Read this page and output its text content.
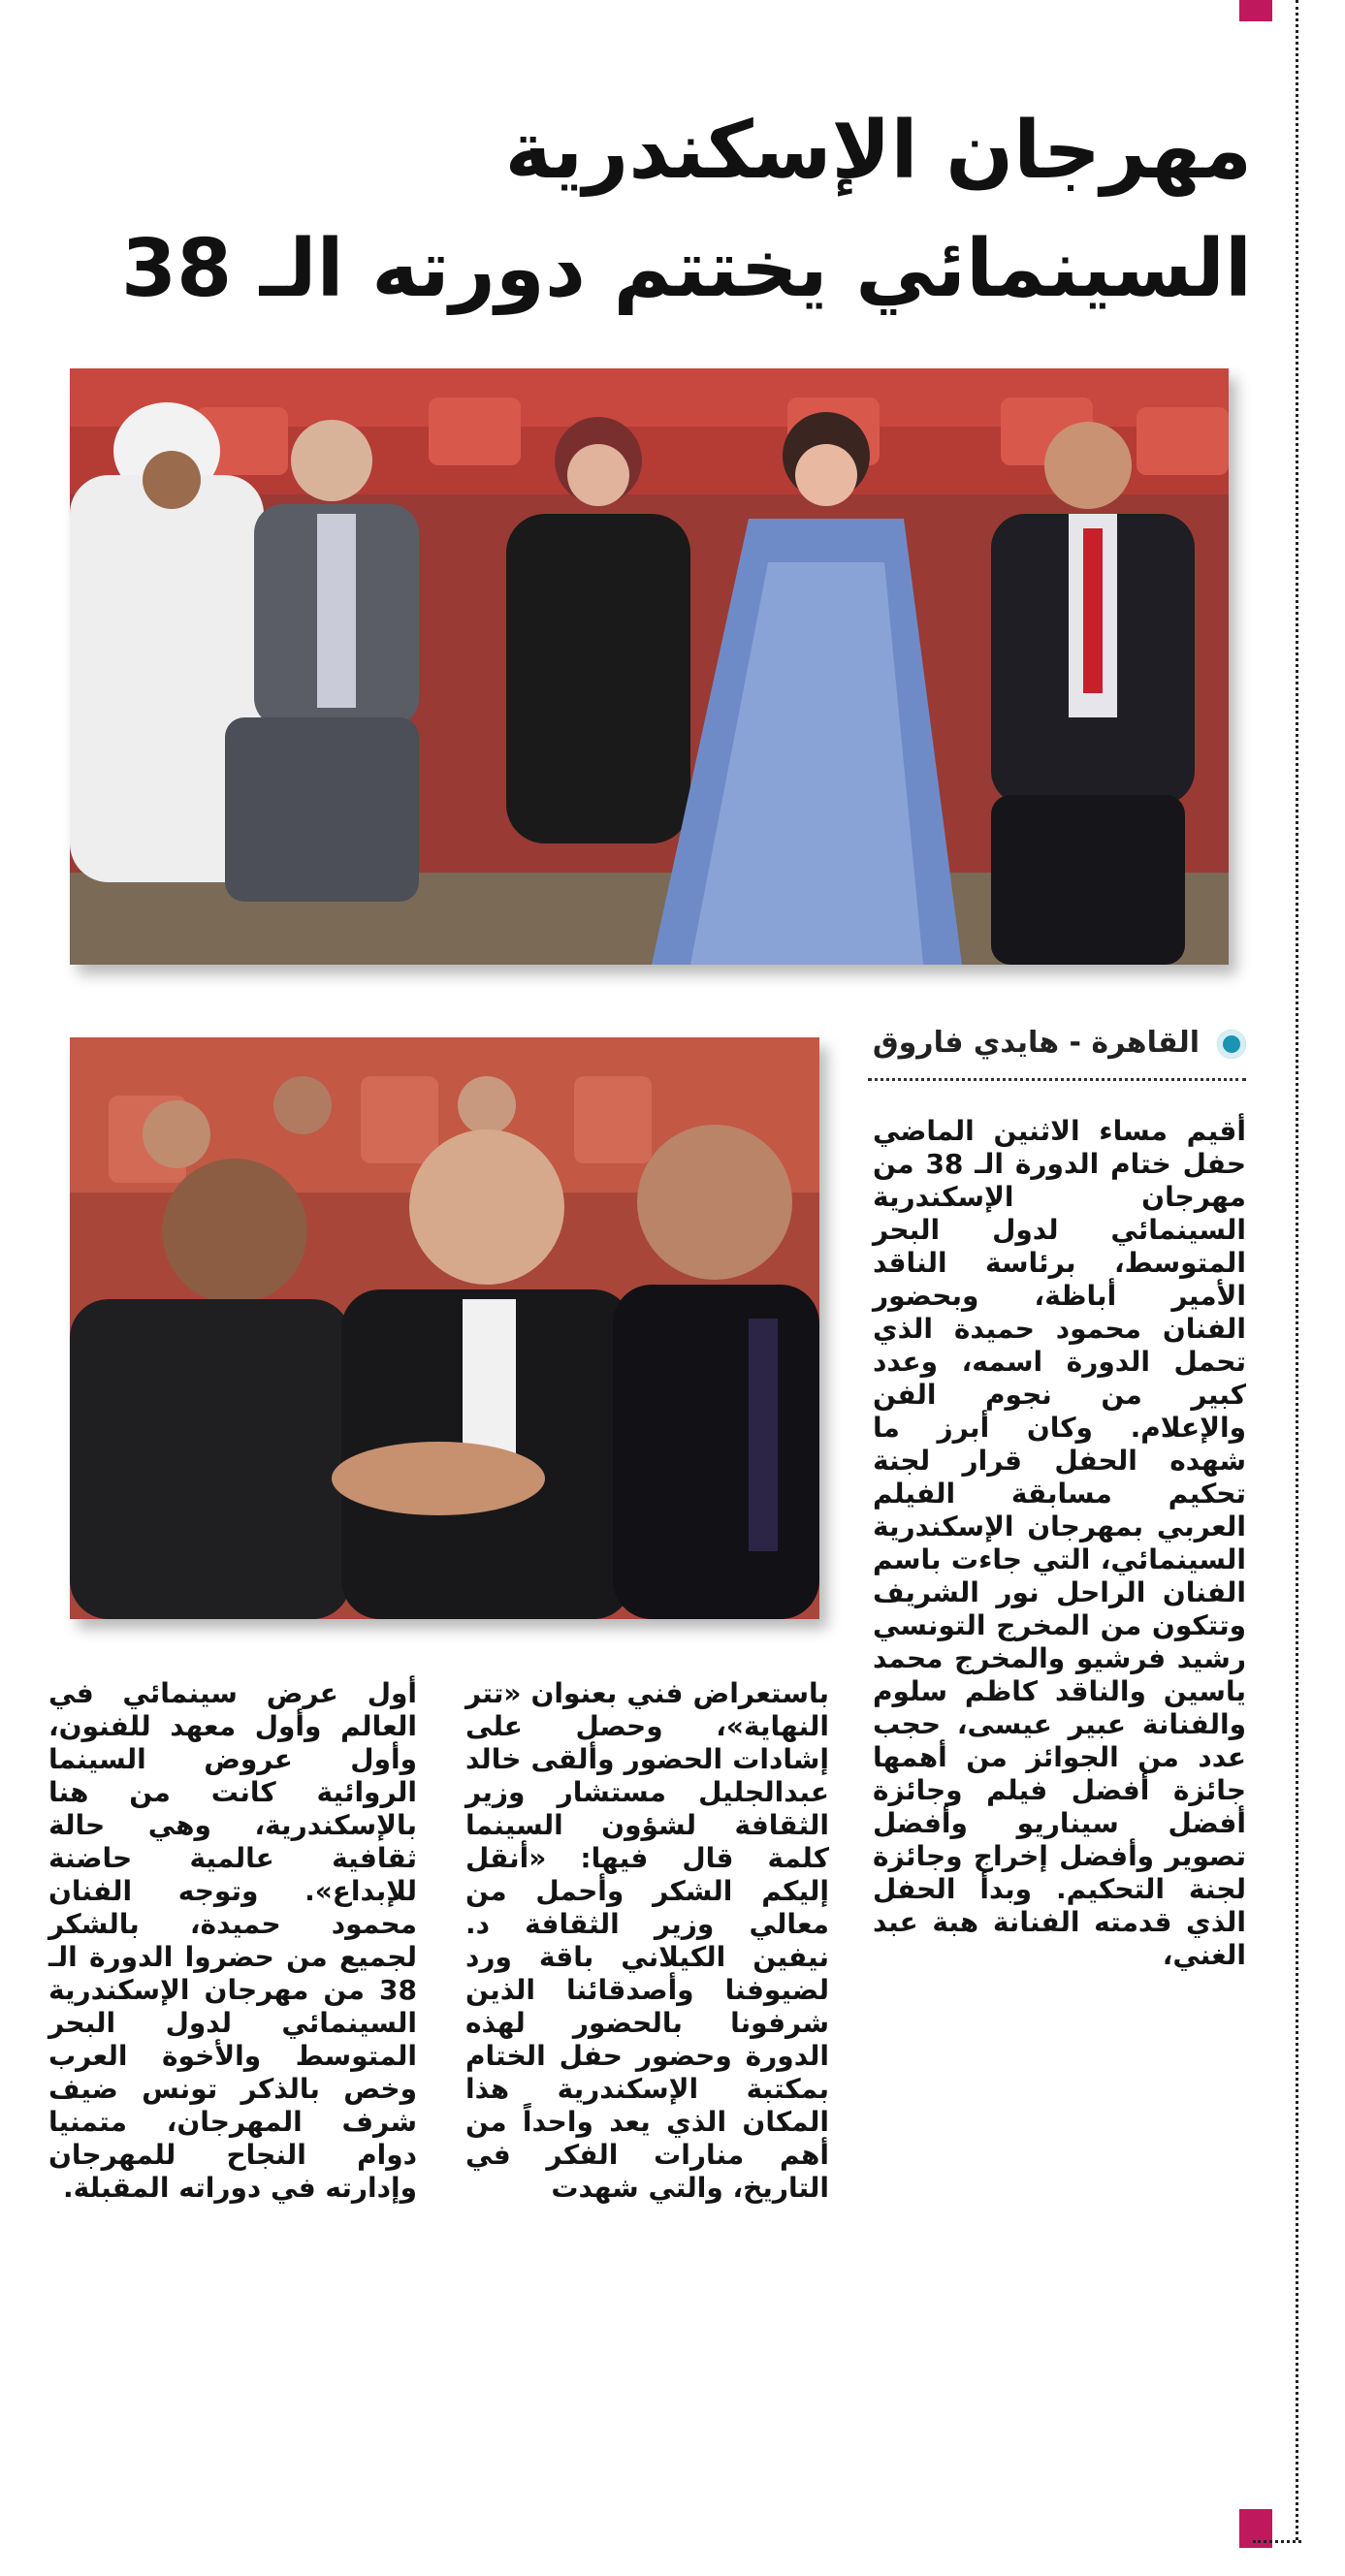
مهرجان الإسكندرية السينمائي يختتم دورته الـ 38
القاهرة - هايدي فاروق

أقيم مساء الاثنين الماضي حفل ختام الدورة الـ 38 من مهرجان الإسكندرية السينمائي لدول البحر المتوسط، برئاسة الناقد الأمير أباظة، وبحضور الفنان محمود حميدة الذي تحمل الدورة اسمه، وعدد كبير من نجوم الفن والإعلام. وكان أبرز ما شهده الحفل قرار لجنة تحكيم مسابقة الفيلم العربي بمهرجان الإسكندرية السينمائي، التي جاءت باسم الفنان الراحل نور الشريف وتتكون من المخرج التونسي رشيد فرشيو والمخرج محمد ياسين والناقد كاظم سلوم والفنانة عبير عيسى، حجب عدد من الجوائز من أهمها جائزة أفضل فيلم وجائزة أفضل سيناريو وأفضل تصوير وأفضل إخراج وجائزة لجنة التحكيم. وبدأ الحفل الذي قدمته الفنانة هبة عبد الغني،

باستعراض فني بعنوان «تتر النهاية»، وحصل على إشادات الحضور وألقى خالد عبدالجليل مستشار وزير الثقافة لشؤون السينما كلمة قال فيها: «أنقل إليكم الشكر وأحمل من معالي وزير الثقافة د. نيفين الكيلاني باقة ورد لضيوفنا وأصدقائنا الذين شرفونا بالحضور لهذه الدورة وحضور حفل الختام بمكتبة الإسكندرية هذا المكان الذي يعد واحداً من أهم منارات الفكر في التاريخ، والتي شهدت

أول عرض سينمائي في العالم وأول معهد للفنون، وأول عروض السينما الروائية كانت من هنا بالإسكندرية، وهي حالة ثقافية عالمية حاضنة للإبداع». وتوجه الفنان محمود حميدة، بالشكر لجميع من حضروا الدورة الـ 38 من مهرجان الإسكندرية السينمائي لدول البحر المتوسط والأخوة العرب وخص بالذكر تونس ضيف شرف المهرجان، متمنيا دوام النجاح للمهرجان وإدارته في دوراته المقبلة.
